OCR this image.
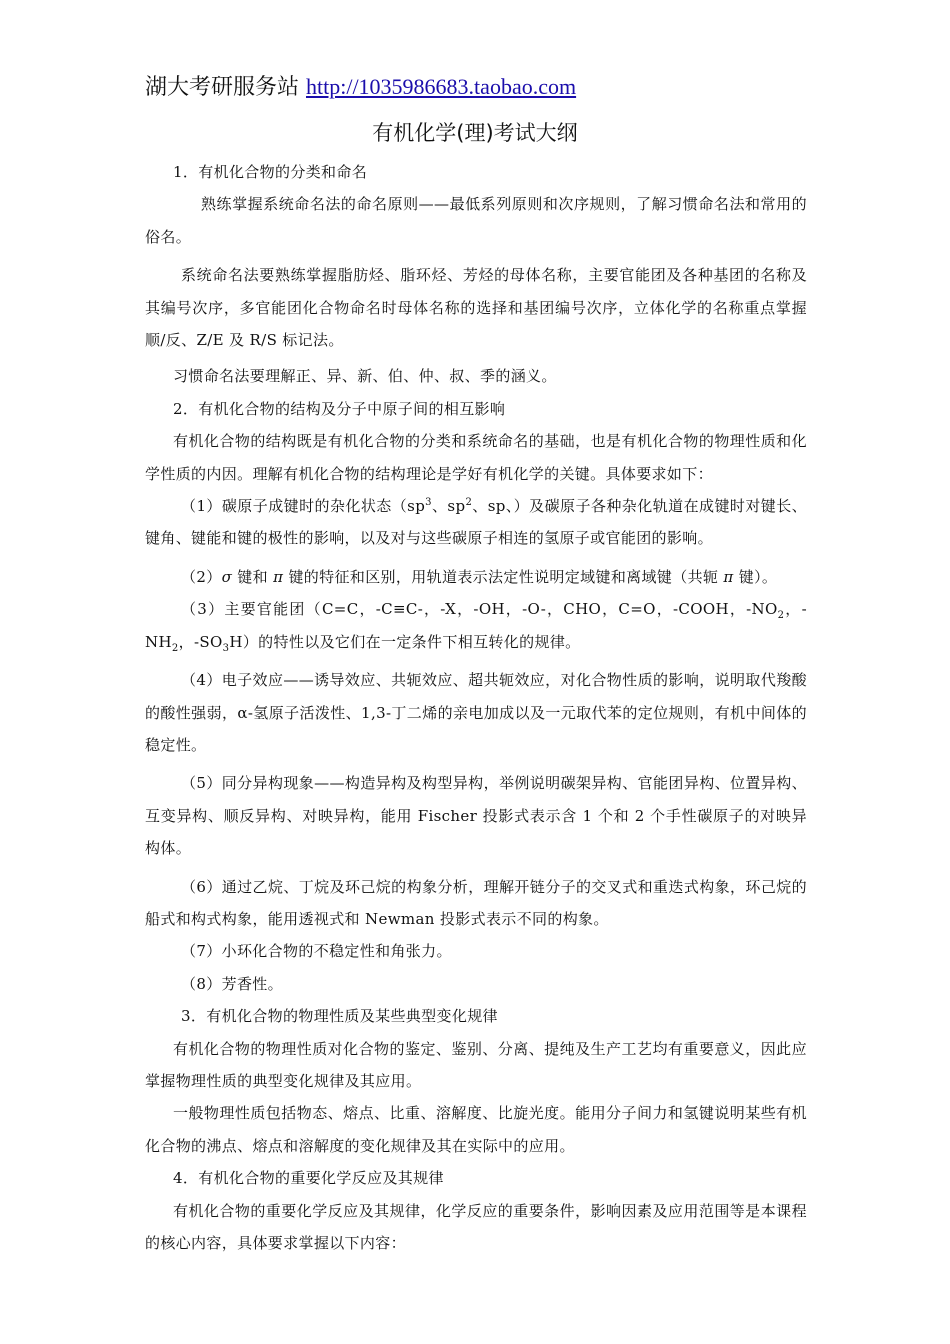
湖大考研服务站 http://1035986683.taobao.com
有机化学(理)考试大纲

1．有机化合物的分类和命名

熟练掌握系统命名法的命名原则——最低系列原则和次序规则，了解习惯命名法和常用的俗名。

系统命名法要熟练掌握脂肪烃、脂环烃、芳烃的母体名称，主要官能团及各种基团的名称及其编号次序，多官能团化合物命名时母体名称的选择和基团编号次序，立体化学的名称重点掌握顺/反、Z/E 及 R/S 标记法。

习惯命名法要理解正、异、新、伯、仲、叔、季的涵义。

2．有机化合物的结构及分子中原子间的相互影响

有机化合物的结构既是有机化合物的分类和系统命名的基础，也是有机化合物的物理性质和化学性质的内因。理解有机化合物的结构理论是学好有机化学的关键。具体要求如下：

（1）碳原子成键时的杂化状态（$sp^3$、$sp^2$、sp、）及碳原子各种杂化轨道在成键时对键长、键角、键能和键的极性的影响，以及对与这些碳原子相连的氢原子或官能团的影响。

（2）σ 键和 π 键的特征和区别，用轨道表示法定性说明定域键和离域键（共轭 π 键）。

（3）主要官能团（C=C，-C≡C-，-X，-OH，-O-，CHO，C=O，-COOH，$-NO_2$，$-NH_2$，$-SO_3H$）的特性以及它们在一定条件下相互转化的规律。

（4）电子效应——诱导效应、共轭效应、超共轭效应，对化合物性质的影响，说明取代羧酸的酸性强弱，α-氢原子活泼性、1,3-丁二烯的亲电加成以及一元取代苯的定位规则，有机中间体的稳定性。

（5）同分异构现象——构造异构及构型异构，举例说明碳架异构、官能团异构、位置异构、互变异构、顺反异构、对映异构，能用 Fischer 投影式表示含 1 个和 2 个手性碳原子的对映异构体。

（6）通过乙烷、丁烷及环己烷的构象分析，理解开链分子的交叉式和重迭式构象，环己烷的船式和构式构象，能用透视式和 Newman 投影式表示不同的构象。

（7）小环化合物的不稳定性和角张力。

（8）芳香性。

3．有机化合物的物理性质及某些典型变化规律

有机化合物的物理性质对化合物的鉴定、鉴别、分离、提纯及生产工艺均有重要意义，因此应掌握物理性质的典型变化规律及其应用。

一般物理性质包括物态、熔点、比重、溶解度、比旋光度。能用分子间力和氢键说明某些有机化合物的沸点、熔点和溶解度的变化规律及其在实际中的应用。

4．有机化合物的重要化学反应及其规律

有机化合物的重要化学反应及其规律，化学反应的重要条件，影响因素及应用范围等是本课程的核心内容，具体要求掌握以下内容：
